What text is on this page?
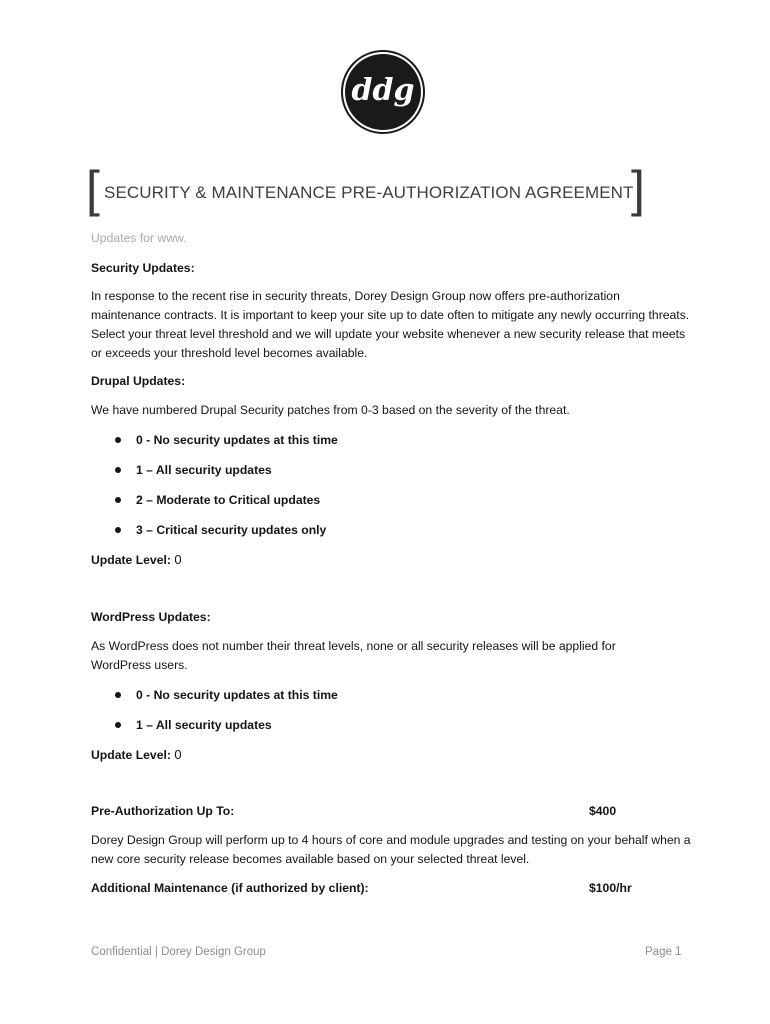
ddg
[ SECURITY & MAINTENANCE PRE-AUTHORIZATION AGREEMENT
]
Updates for www.
Security Updates:
In response to the recent rise in security threats, Dorey Design Group now offers pre-authorization maintenance contracts. It is important to keep your site up to date often to mitigate any newly occurring threats. Select your threat level threshold and we will update your website whenever a new security release that meets or exceeds your threshold level becomes available.
Drupal Updates:
We have numbered Drupal Security patches from 0-3 based on the severity of the threat.
0 - No security updates at this time
1 – All security updates
2 – Moderate to Critical updates
3 – Critical security updates only
Update Level: 0
WordPress Updates:
As WordPress does not number their threat levels, none or all security releases will be applied for WordPress users.
0 - No security updates at this time
1 – All security updates
Update Level: 0
Pre-Authorization Up To:	$400
Dorey Design Group will perform up to 4 hours of core and module upgrades and testing on your behalf when a new core security release becomes available based on your selected threat level.
Additional Maintenance (if authorized by client):	$100/hr
Confidential | Dorey Design Group	Page 1
